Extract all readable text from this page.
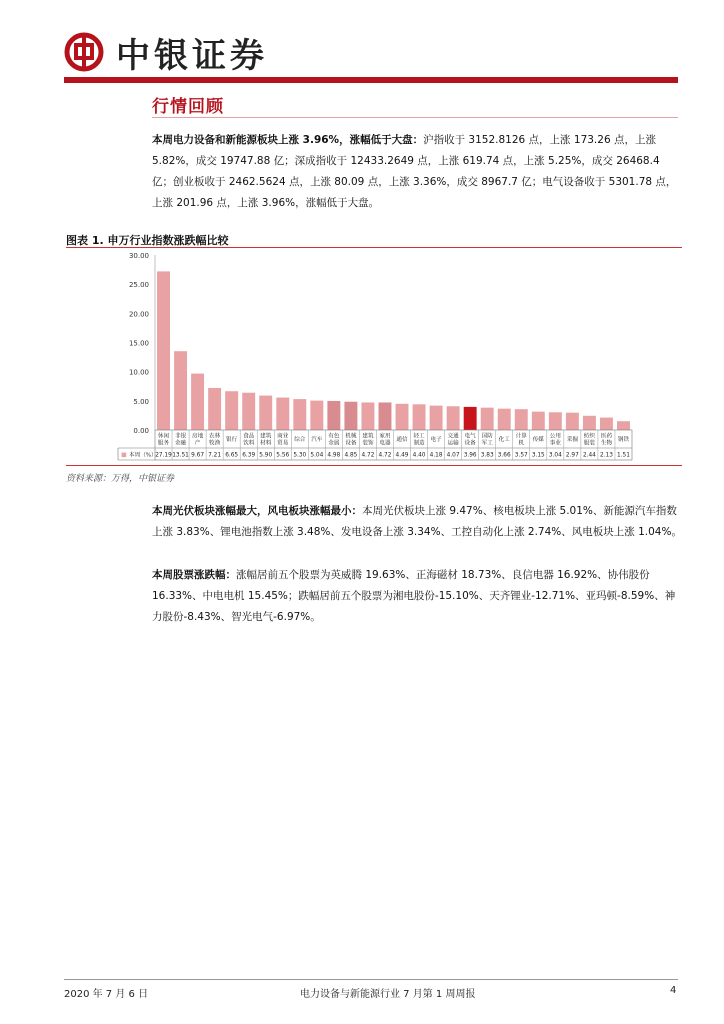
中银证券
行情回顾
本周电力设备和新能源板块上涨 3.96%，涨幅低于大盘：沪指收于 3152.8126 点，上涨 173.26 点，上涨 5.82%，成交 19747.88 亿；深成指收于 12433.2649 点，上涨 619.74 点，上涨 5.25%，成交 26468.4 亿；创业板收于 2462.5624 点，上涨 80.09 点，上涨 3.36%，成交 8967.7 亿；电气设备收于 5301.78 点，上涨 201.96 点，上涨 3.96%，涨幅低于大盘。
图表 1. 申万行业指数涨跌幅比较
0.00
5.00
10.00
15.00
20.00
25.00
30.00
休闲服务
非银金融
房地产
农林牧渔
银行
食品饮料
建筑材料
商业贸易
综合 汽车
有色金属
机械设备
建筑装饰
家用电器
通信
轻工制造
电子
交通运输
电气设备
国防军工
化工
计算机
传媒
公用事业
采掘
纺织服装
医药生物
钢铁
■ 本周（%）
27.19 13.51 9.67 7.21 6.65 6.39 5.90 5.56 5.30 5.04 4.98 4.85 4.72 4.72 4.49 4.40 4.18 4.07 3.96 3.83 3.66 3.57 3.15 3.04 2.97 2.44 2.13 1.51
资料来源：万得，中银证券
本周光伏板块涨幅最大，风电板块涨幅最小：本周光伏板块上涨 9.47%、核电板块上涨 5.01%、新能源汽车指数上涨 3.83%、锂电池指数上涨 3.48%、发电设备上涨 3.34%、工控自动化上涨 2.74%、风电板块上涨 1.04%。
本周股票涨跌幅：涨幅居前五个股票为英威腾 19.63%、正海磁材 18.73%、良信电器 16.92%、协伟股份 16.33%、中电电机 15.45%；跌幅居前五个股票为湘电股份-15.10%、天齐锂业-12.71%、亚玛顿-8.59%、神力股份-8.43%、智光电气-6.97%。
2020 年 7 月 6 日	电力设备与新能源行业 7 月第 1 周周报	4
